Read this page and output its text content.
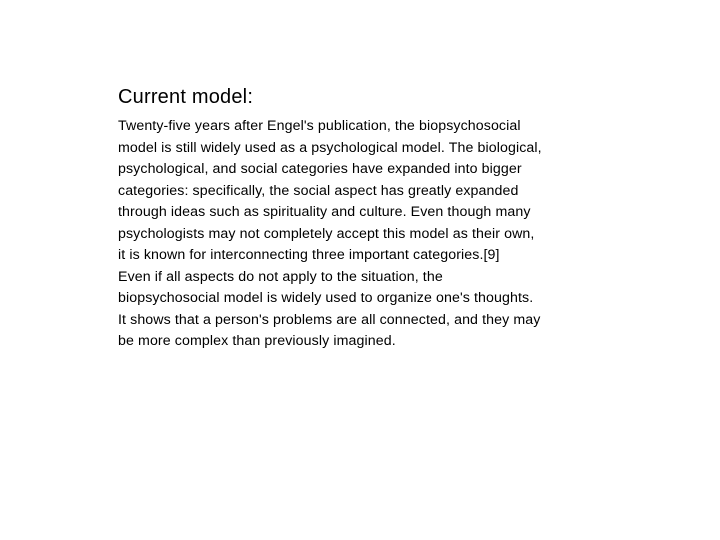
Current model:
Twenty-five years after Engel's publication, the biopsychosocial
model is still widely used as a psychological model. The biological,
psychological, and social categories have expanded into bigger
categories: specifically, the social aspect has greatly expanded
through ideas such as spirituality and culture. Even though many
psychologists may not completely accept this model as their own,
it is known for interconnecting three important categories.[9]
Even if all aspects do not apply to the situation, the
biopsychosocial model is widely used to organize one's thoughts.
It shows that a person's problems are all connected, and they may
be more complex than previously imagined.
